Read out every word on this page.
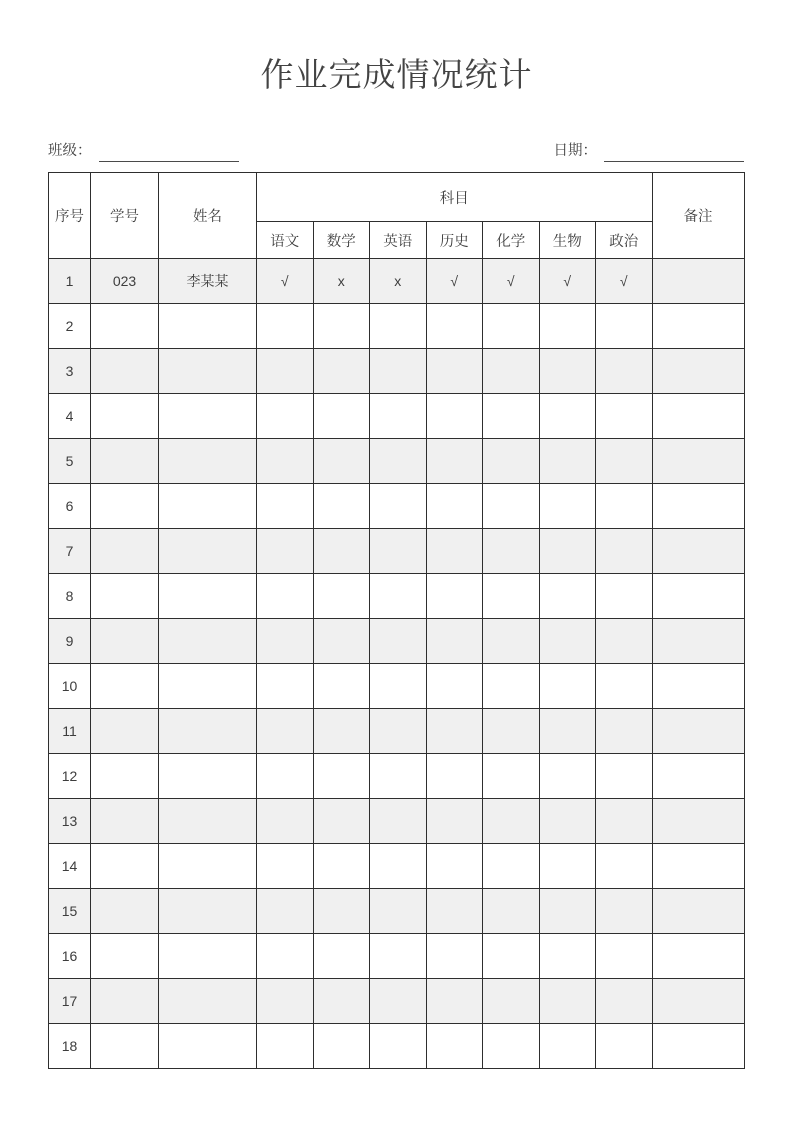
作业完成情况统计
班级：	日期：
序号	学号	姓名	科目							备注
			语文	数学	英语	历史	化学	生物	政治	
1	023	李某某	√	x	x	√	√	√	√	
2										
3										
4										
5										
6										
7										
8										
9										
10										
11										
12										
13										
14										
15										
16										
17										
18										
